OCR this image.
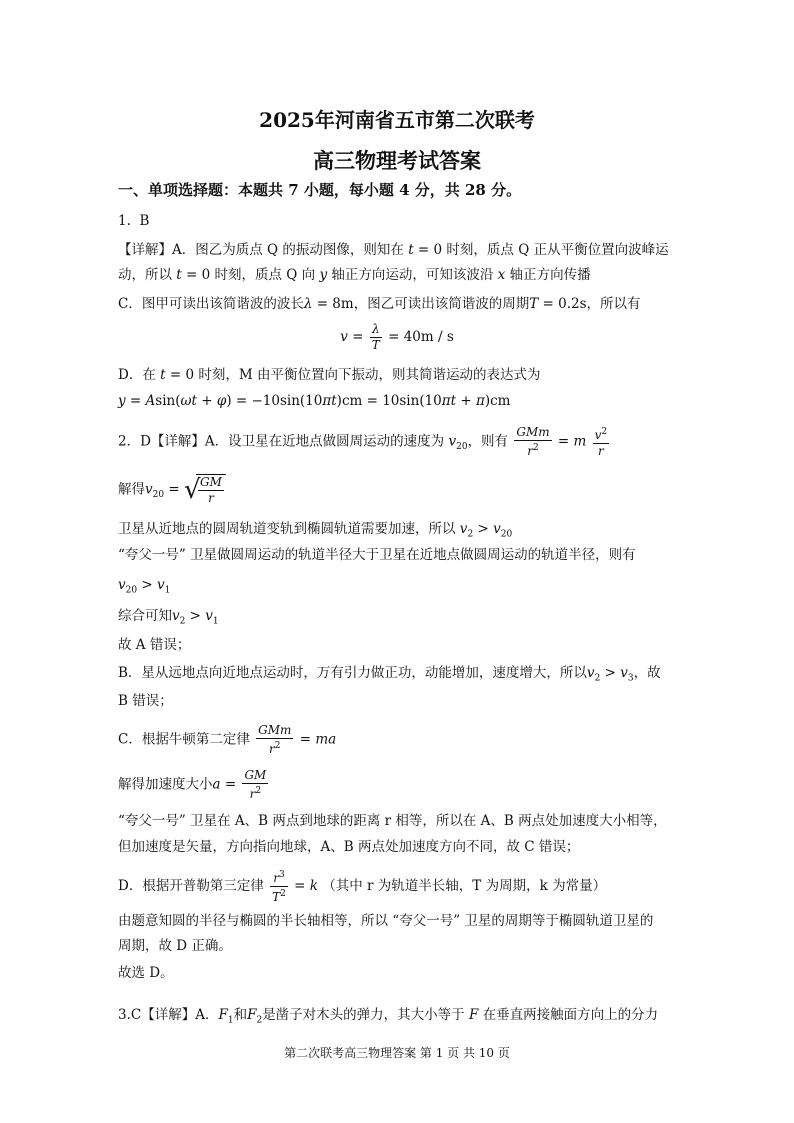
2025年河南省五市第二次联考
高三物理考试答案
一、单项选择题：本题共 7 小题，每小题 4 分，共 28 分。
1.  B
【详解】A．图乙为质点 Q 的振动图像，则知在 t = 0 时刻，质点 Q 正从平衡位置向波峰运
动，所以 t = 0 时刻，质点 Q 向 y 轴正方向运动，可知该波沿 x 轴正方向传播
C．图甲可读出该简谐波的波长λ = 8m，图乙可读出该简谐波的周期T = 0.2s，所以有
$v = \frac{\lambda}{T} = 40m / s$
D．在 t = 0 时刻，M 由平衡位置向下振动，则其简谐运动的表达式为
y = Asin(ωt + φ) = −10sin(10πt)cm = 10sin(10πt + π)cm
2．D【详解】A．设卫星在近地点做圆周运动的速度为 $v_{20}$，则有 $\frac{\text{GMm}}{r^2} = m \frac{v^2}{r}$
解得$v_{20}$ = √
$\frac{GM}{r}$
卫星从近地点的圆周轨道变轨到椭圆轨道需要加速，所以 $v_2 > v_{20}$
“夸父一号” 卫星做圆周运动的轨道半径大于卫星在近地点做圆周运动的轨道半径，则有
$v_{20} > v_1$
综合可知$v_2 > v_1$
故 A 错误；
B．星从远地点向近地点运动时，万有引力做正功，动能增加，速度增大，所以$v_2 > v_3$，故
B 错误；
C．根据牛顿第二定律 $\frac{\text{GMm}}{r^2}$ = ma
解得加速度大小$a = \frac{GM}{r^2}$
“夸父一号” 卫星在 A、B 两点到地球的距离 r 相等，所以在 A、B 两点处加速度大小相等，
但加速度是矢量，方向指向地球，A、B 两点处加速度方向不同，故 C 错误；
D．根据开普勒第三定律 $\frac{r^3}{T^2} = k$ （其中 r 为轨道半长轴，T 为周期，k 为常量）
由题意知圆的半径与椭圆的半长轴相等，所以 “夸父一号” 卫星的周期等于椭圆轨道卫星的
周期，故 D 正确。
故选 D。
3.C【详解】A．$F_1$和$F_2$是凿子对木头的弹力，其大小等于 F 在垂直两接触面方向上的分力
第二次联考高三物理答案 第 1 页 共 10 页
